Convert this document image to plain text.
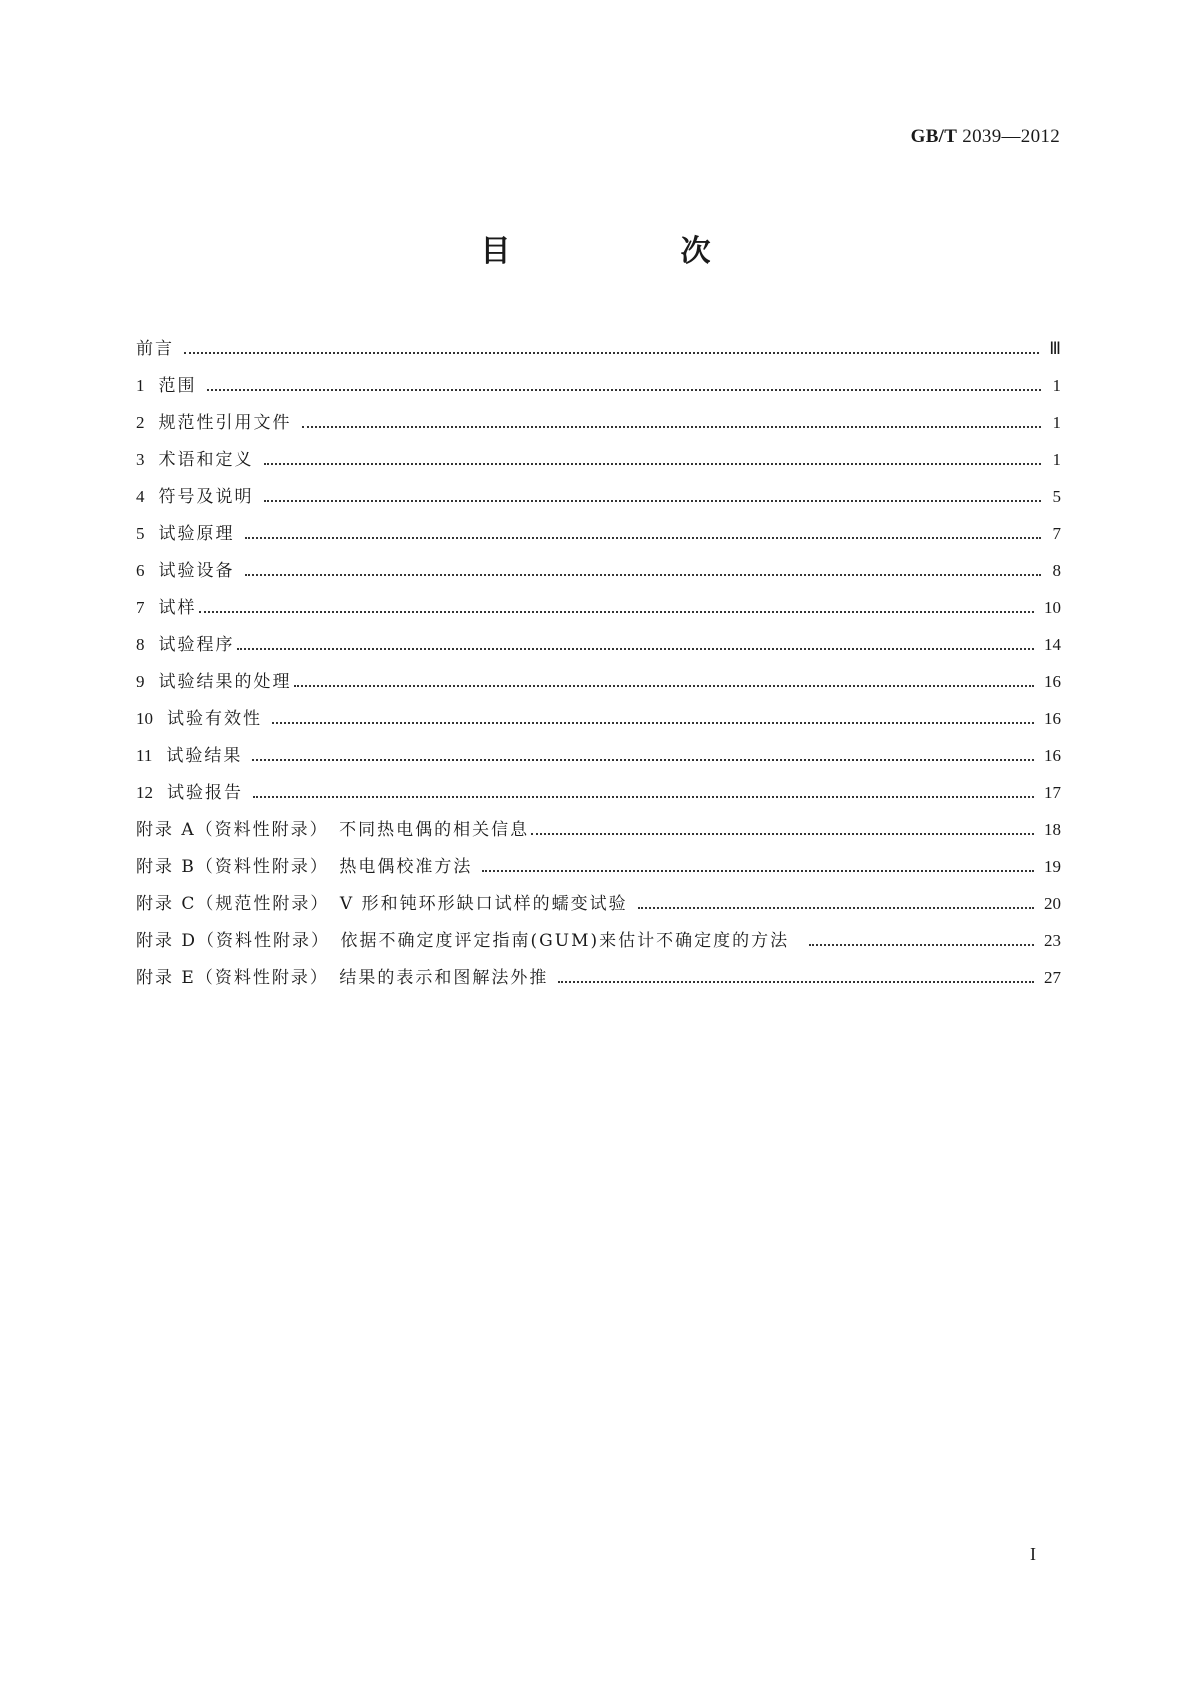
GB/T 2039—2012
目　次
前言	Ⅲ
1 范围	1
2 规范性引用文件	1
3 术语和定义	1
4 符号及说明	5
5 试验原理	7
6 试验设备	8
7 试样	10
8 试验程序	14
9 试验结果的处理	16
10 试验有效性	16
11 试验结果	16
12 试验报告	17
附录 A（资料性附录）　不同热电偶的相关信息	18
附录 B（资料性附录）　热电偶校准方法	19
附录 C（规范性附录）　V 形和钝环形缺口试样的蠕变试验	20
附录 D（资料性附录）　依据不确定度评定指南(GUM)来估计不确定度的方法	23
附录 E（资料性附录）　结果的表示和图解法外推	27
I
